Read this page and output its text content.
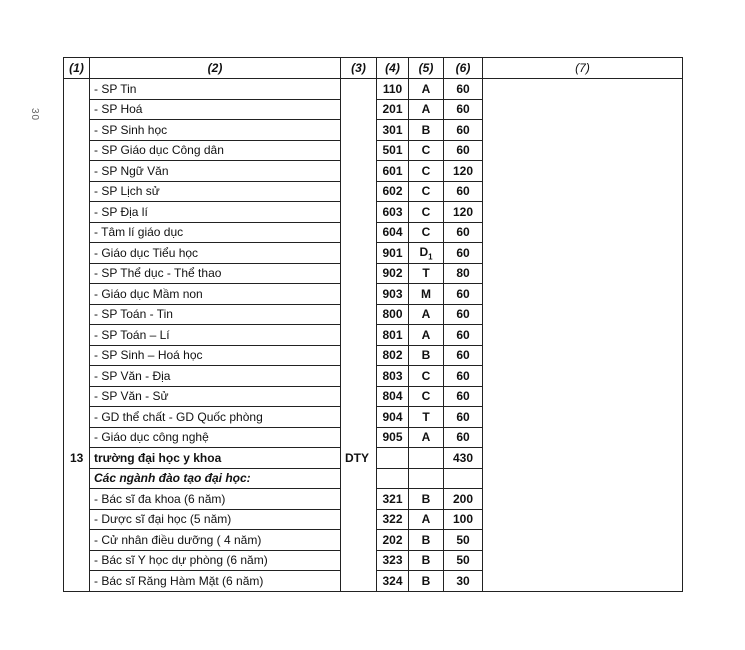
30
(1)	(2)	(3)	(4)	(5)	(6)	(7)
	- SP Tin		110	A	60	
	- SP Hoá		201	A	60	
	- SP Sinh học		301	B	60	
	- SP Giáo dục Công dân		501	C	60	
	- SP Ngữ Văn		601	C	120	
	- SP Lịch sử		602	C	60	
	- SP Địa lí		603	C	120	
	- Tâm lí giáo dục		604	C	60	
	- Giáo dục Tiểu học		901	$D_1$	60	
	- SP Thể dục - Thể thao		902	T	80	
	- Giáo dục Mầm non		903	M	60	
	- SP Toán - Tin		800	A	60	
	- SP Toán – Lí		801	A	60	
	- SP Sinh – Hoá học		802	B	60	
	- SP Văn - Địa		803	C	60	
	- SP Văn - Sử		804	C	60	
	- GD thể chất - GD Quốc phòng		904	T	60	
	- Giáo dục công nghệ		905	A	60	
13	trường đại học y khoa	DTY			430	
	Các ngành đào tạo đại học:					
	- Bác sĩ đa khoa (6 năm)		321	B	200	
	- Dược sĩ đại học (5 năm)		322	A	100	
	- Cử nhân điều dưỡng ( 4 năm)		202	B	50	
	- Bác sĩ Y học dự phòng (6 năm)		323	B	50	
	- Bác sĩ Răng Hàm Mặt (6 năm)		324	B	30	
